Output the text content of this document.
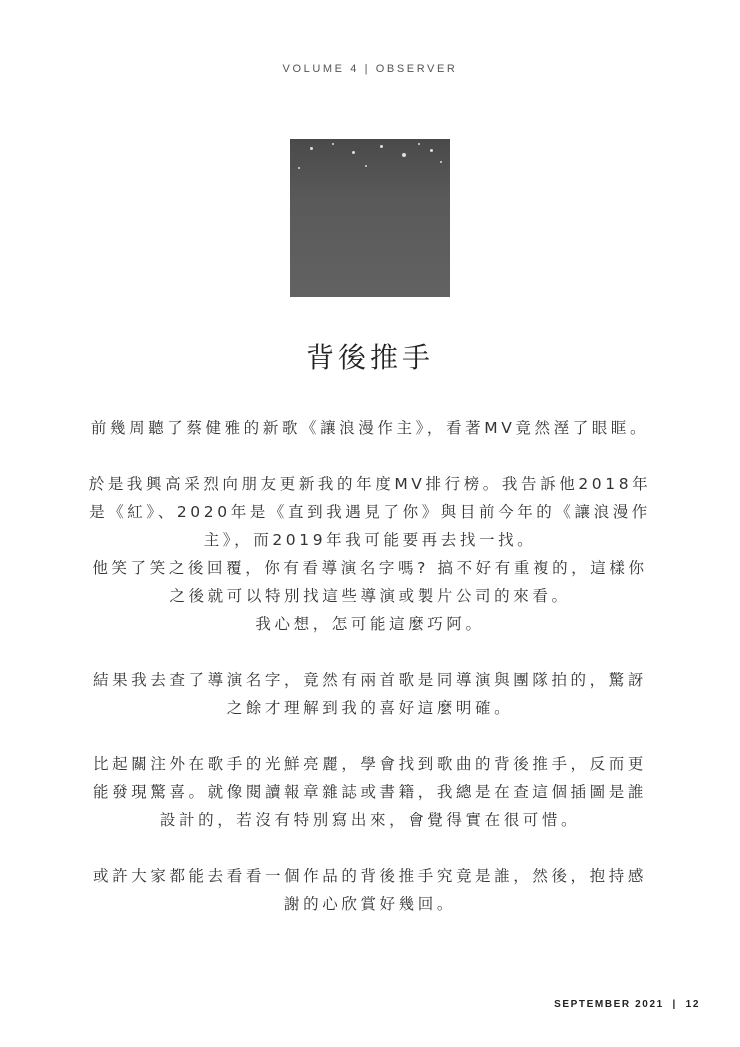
VOLUME 4 | OBSERVER
背後推手
前幾周聽了蔡健雅的新歌《讓浪漫作主》，看著MV竟然溼了眼眶。
於是我興高采烈向朋友更新我的年度MV排行榜。我告訴他2018年
是《紅》、2020年是《直到我遇見了你》與目前今年的《讓浪漫作
主》，而2019年我可能要再去找一找。
他笑了笑之後回覆，你有看導演名字嗎? 搞不好有重複的，這樣你
之後就可以特別找這些導演或製片公司的來看。
我心想，怎可能這麼巧阿。
結果我去查了導演名字，竟然有兩首歌是同導演與團隊拍的，驚訝
之餘才理解到我的喜好這麼明確。
比起關注外在歌手的光鮮亮麗，學會找到歌曲的背後推手，反而更
能發現驚喜。就像閱讀報章雜誌或書籍，我總是在查這個插圖是誰
設計的，若沒有特別寫出來，會覺得實在很可惜。
或許大家都能去看看一個作品的背後推手究竟是誰，然後，抱持感
謝的心欣賞好幾回。
SEPTEMBER 2021  |  12
